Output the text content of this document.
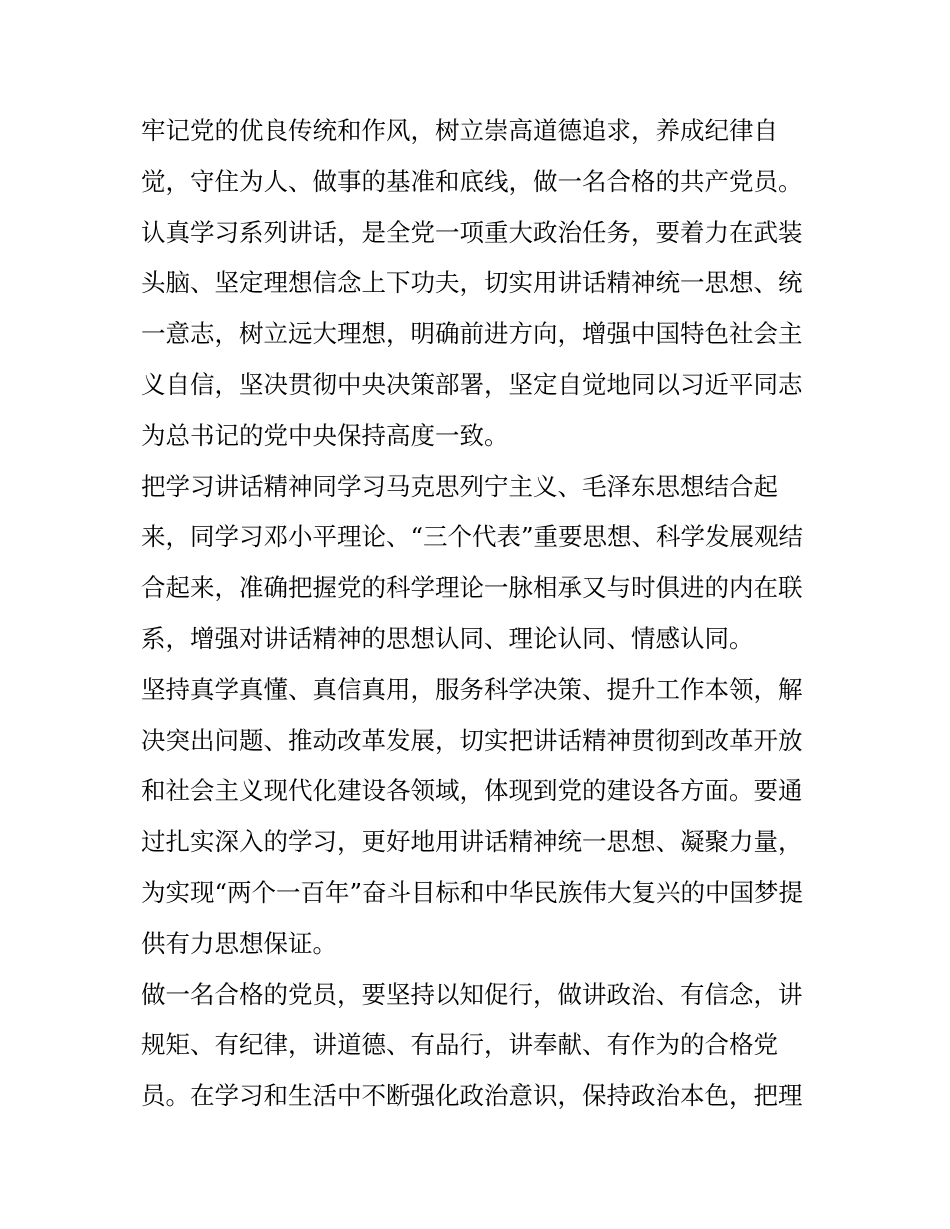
牢记党的优良传统和作风，树立崇高道德追求，养成纪律自
觉，守住为人、做事的基准和底线，做一名合格的共产党员。
认真学习系列讲话，是全党一项重大政治任务，要着力在武装
头脑、坚定理想信念上下功夫，切实用讲话精神统一思想、统
一意志，树立远大理想，明确前进方向，增强中国特色社会主
义自信，坚决贯彻中央决策部署，坚定自觉地同以习近平同志
为总书记的党中央保持高度一致。
把学习讲话精神同学习马克思列宁主义、毛泽东思想结合起
来，同学习邓小平理论、“三个代表”重要思想、科学发展观结
合起来，准确把握党的科学理论一脉相承又与时俱进的内在联
系，增强对讲话精神的思想认同、理论认同、情感认同。
坚持真学真懂、真信真用，服务科学决策、提升工作本领，解
决突出问题、推动改革发展，切实把讲话精神贯彻到改革开放
和社会主义现代化建设各领域，体现到党的建设各方面。要通
过扎实深入的学习，更好地用讲话精神统一思想、凝聚力量，
为实现“两个一百年”奋斗目标和中华民族伟大复兴的中国梦提
供有力思想保证。
做一名合格的党员，要坚持以知促行，做讲政治、有信念，讲
规矩、有纪律，讲道德、有品行，讲奉献、有作为的合格党
员。在学习和生活中不断强化政治意识，保持政治本色，把理
